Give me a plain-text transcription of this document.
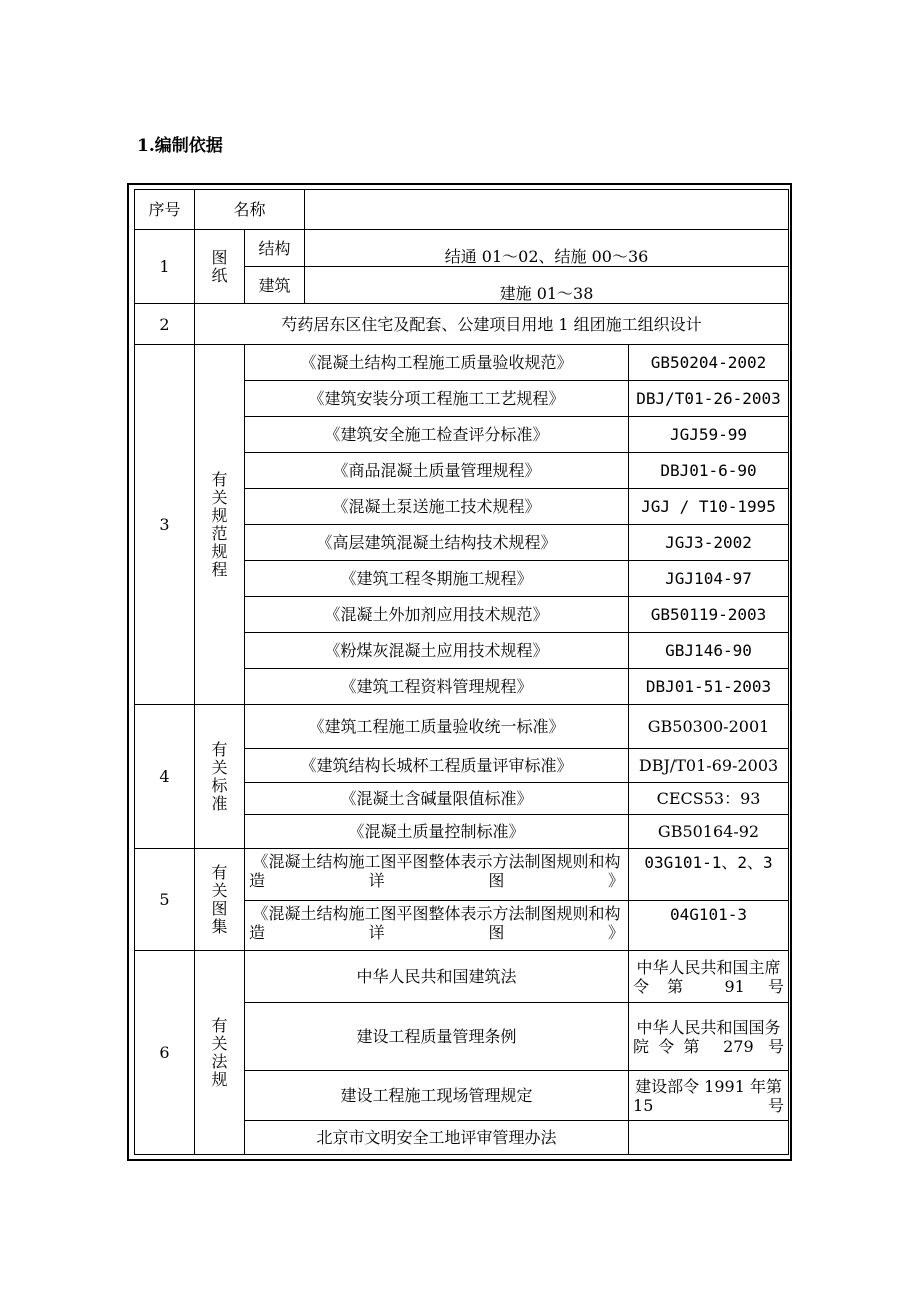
1.编制依据
序号	名称			
1	图纸	结构	结通 01～02、结施 00～36	
		建筑	建施 01～38	
2	芍药居东区住宅及配套、公建项目用地 1 组团施工组织设计			
3	有关规范规程	《混凝土结构工程施工质量验收规范》		GB50204-2002
		《建筑安装分项工程施工工艺规程》		DBJ/T01-26-2003
		《建筑安全施工检查评分标准》		JGJ59-99
		《商品混凝土质量管理规程》		DBJ01-6-90
		《混凝土泵送施工技术规程》		JGJ / T10-1995
		《高层建筑混凝土结构技术规程》		JGJ3-2002
		《建筑工程冬期施工规程》		JGJ104-97
		《混凝土外加剂应用技术规范》		GB50119-2003
		《粉煤灰混凝土应用技术规程》		GBJ146-90
		《建筑工程资料管理规程》		DBJ01-51-2003
4	有关标准	《建筑工程施工质量验收统一标准》		GB50300-2001
		《建筑结构长城杯工程质量评审标准》		DBJ/T01-69-2003
		《混凝土含碱量限值标准》		CECS53：93
		《混凝土质量控制标准》		GB50164-92
5	有关图集	《混凝土结构施工图平图整体表示方法制图规则和构造详图》		03G101-1、2、3
		《混凝土结构施工图平图整体表示方法制图规则和构造详图》		04G101-3
6	有关法规	中华人民共和国建筑法		中华人民共和国主席令第 91 号
		建设工程质量管理条例		中华人民共和国国务院令第 279 号
		建设工程施工现场管理规定		建设部令 1991 年第 15 号
		北京市文明安全工地评审管理办法		
